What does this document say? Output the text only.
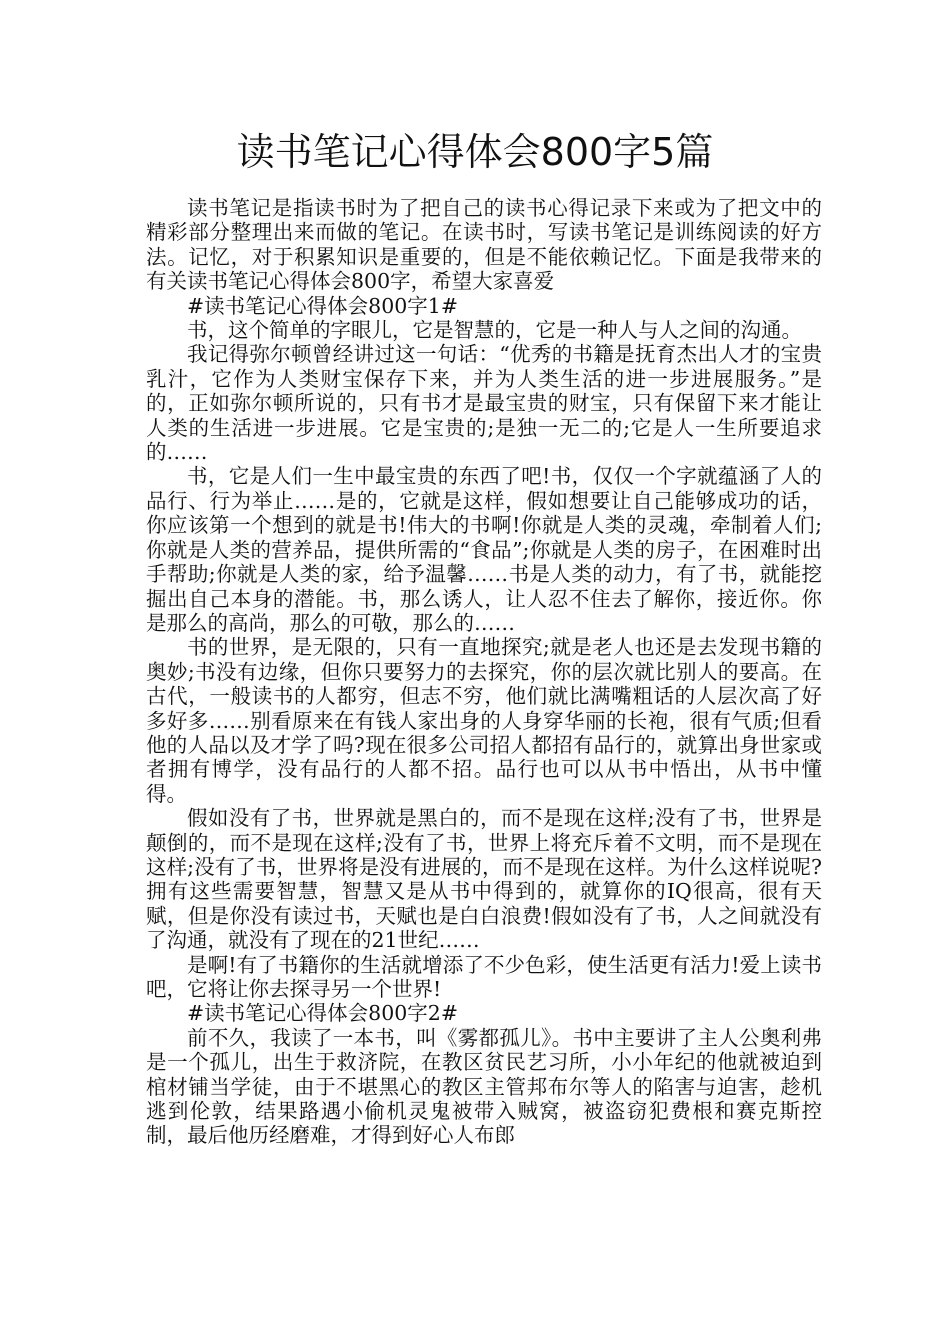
读书笔记心得体会800字5篇

读书笔记是指读书时为了把自己的读书心得记录下来或为了把文中的精彩部分整理出来而做的笔记。在读书时，写读书笔记是训练阅读的好方法。记忆，对于积累知识是重要的，但是不能依赖记忆。下面是我带来的有关读书笔记心得体会800字，希望大家喜爱

#读书笔记心得体会800字1#

书，这个简单的字眼儿，它是智慧的，它是一种人与人之间的沟通。

我记得弥尔顿曾经讲过这一句话：“优秀的书籍是抚育杰出人才的宝贵乳汁，它作为人类财宝保存下来，并为人类生活的进一步进展服务。”是的，正如弥尔顿所说的，只有书才是最宝贵的财宝，只有保留下来才能让人类的生活进一步进展。它是宝贵的;是独一无二的;它是人一生所要追求的……

书，它是人们一生中最宝贵的东西了吧!书，仅仅一个字就蕴涵了人的品行、行为举止……是的，它就是这样，假如想要让自己能够成功的话，你应该第一个想到的就是书!伟大的书啊!你就是人类的灵魂，牵制着人们;你就是人类的营养品，提供所需的“食品”;你就是人类的房子，在困难时出手帮助;你就是人类的家，给予温馨……书是人类的动力，有了书，就能挖掘出自己本身的潜能。书，那么诱人，让人忍不住去了解你，接近你。你是那么的高尚，那么的可敬，那么的……

书的世界，是无限的，只有一直地探究;就是老人也还是去发现书籍的奥妙;书没有边缘，但你只要努力的去探究，你的层次就比别人的要高。在古代，一般读书的人都穷，但志不穷，他们就比满嘴粗话的人层次高了好多好多……别看原来在有钱人家出身的人身穿华丽的长袍，很有气质;但看他的人品以及才学了吗?现在很多公司招人都招有品行的，就算出身世家或者拥有博学，没有品行的人都不招。品行也可以从书中悟出，从书中懂得。

假如没有了书，世界就是黑白的，而不是现在这样;没有了书，世界是颠倒的，而不是现在这样;没有了书，世界上将充斥着不文明，而不是现在这样;没有了书，世界将是没有进展的，而不是现在这样。为什么这样说呢?拥有这些需要智慧，智慧又是从书中得到的，就算你的IQ很高，很有天赋，但是你没有读过书，天赋也是白白浪费!假如没有了书，人之间就没有了沟通，就没有了现在的21世纪……

是啊!有了书籍你的生活就增添了不少色彩，使生活更有活力!爱上读书吧，它将让你去探寻另一个世界!

#读书笔记心得体会800字2#

前不久，我读了一本书，叫《雾都孤儿》。书中主要讲了主人公奥利弗是一个孤儿，出生于救济院，在教区贫民艺习所，小小年纪的他就被迫到棺材铺当学徒，由于不堪黑心的教区主管邦布尔等人的陷害与迫害，趁机逃到伦敦，结果路遇小偷机灵鬼被带入贼窝，被盗窃犯费根和赛克斯控制，最后他历经磨难，才得到好心人布郎
